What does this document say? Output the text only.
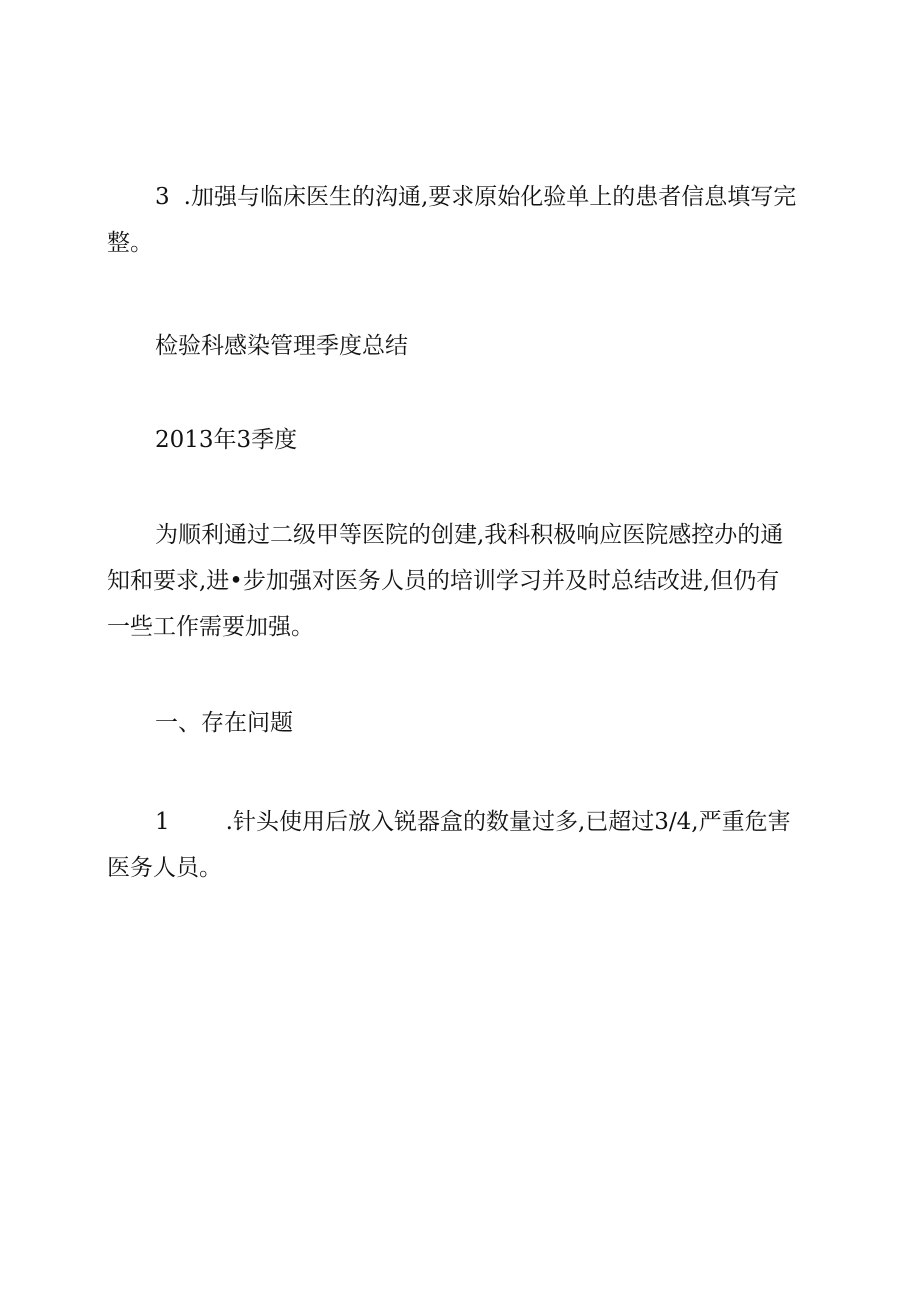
3 .加强与临床医生的沟通,要求原始化验单上的患者信息填写完
整。

检验科感染管理季度总结

2013年3季度

为顺利通过二级甲等医院的创建,我科积极响应医院感控办的通
知和要求,进•步加强对医务人员的培训学习并及时总结改进,但仍有
一些工作需要加强。

一、存在问题

1 .针头使用后放入锐器盒的数量过多,已超过3/4,严重危害
医务人员。
